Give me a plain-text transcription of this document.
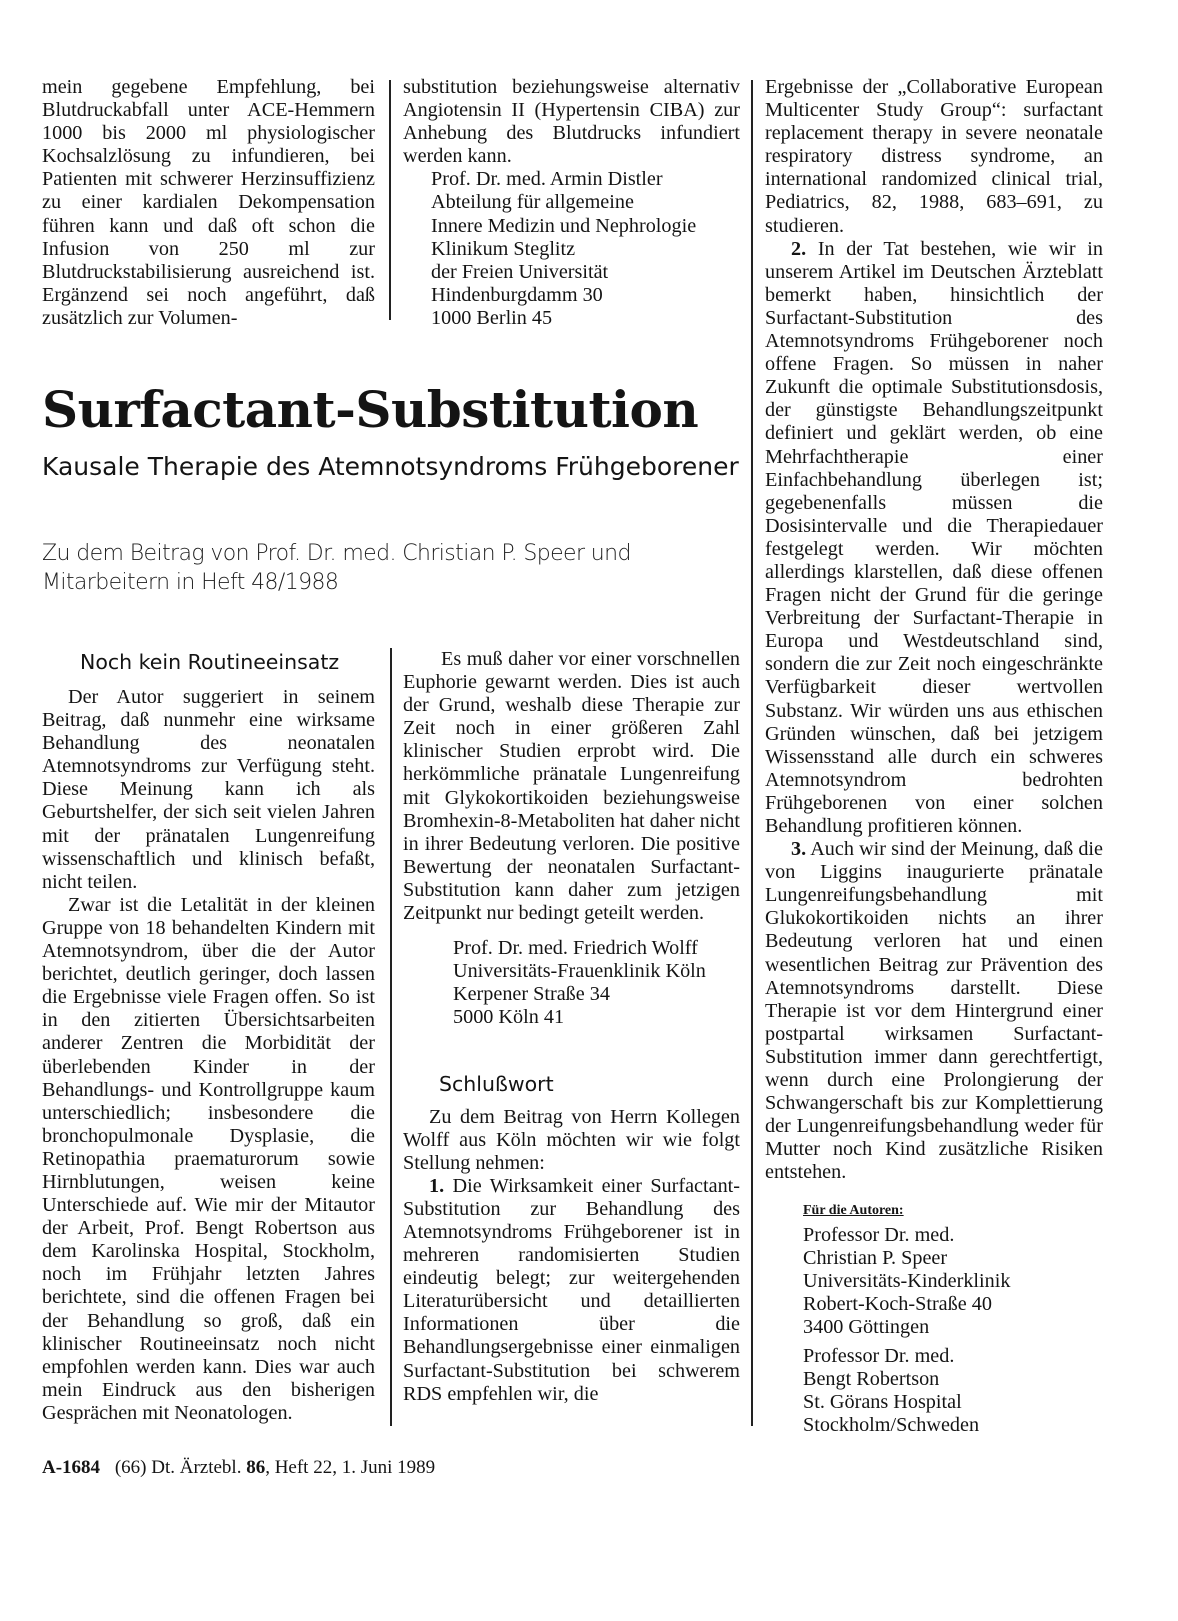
mein gegebene Empfehlung, bei Blutdruckabfall unter ACE-Hemmern 1000 bis 2000 ml physiologischer Kochsalzlösung zu infundieren, bei Patienten mit schwerer Herzinsuffizienz zu einer kardialen Dekompensation führen kann und daß oft schon die Infusion von 250 ml zur Blutdruckstabilisierung ausreichend ist. Ergänzend sei noch angeführt, daß zusätzlich zur Volumen-

substitution beziehungsweise alternativ Angiotensin II (Hypertensin CIBA) zur Anhebung des Blutdrucks infundiert werden kann.

Prof. Dr. med. Armin Distler
Abteilung für allgemeine
Innere Medizin und Nephrologie
Klinikum Steglitz
der Freien Universität
Hindenburgdamm 30
1000 Berlin 45
Surfactant-Substitution
Kausale Therapie des Atemnotsyndroms Frühgeborener

Zu dem Beitrag von Prof. Dr. med. Christian P. Speer und Mitarbeitern in Heft 48/1988

Noch kein Routineeinsatz

Der Autor suggeriert in seinem Beitrag, daß nunmehr eine wirksame Behandlung des neonatalen Atemnotsyndroms zur Verfügung steht. Diese Meinung kann ich als Geburtshelfer, der sich seit vielen Jahren mit der pränatalen Lungenreifung wissenschaftlich und klinisch befaßt, nicht teilen.

Zwar ist die Letalität in der kleinen Gruppe von 18 behandelten Kindern mit Atemnotsyndrom, über die der Autor berichtet, deutlich geringer, doch lassen die Ergebnisse viele Fragen offen. So ist in den zitierten Übersichtsarbeiten anderer Zentren die Morbidität der überlebenden Kinder in der Behandlungs- und Kontrollgruppe kaum unterschiedlich; insbesondere die bronchopulmonale Dysplasie, die Retinopathia praematurorum sowie Hirnblutungen, weisen keine Unterschiede auf. Wie mir der Mitautor der Arbeit, Prof. Bengt Robertson aus dem Karolinska Hospital, Stockholm, noch im Frühjahr letzten Jahres berichtete, sind die offenen Fragen bei der Behandlung so groß, daß ein klinischer Routineeinsatz noch nicht empfohlen werden kann. Dies war auch mein Eindruck aus den bisherigen Gesprächen mit Neonatologen.

Es muß daher vor einer vorschnellen Euphorie gewarnt werden. Dies ist auch der Grund, weshalb diese Therapie zur Zeit noch in einer größeren Zahl klinischer Studien erprobt wird. Die herkömmliche pränatale Lungenreifung mit Glykokortikoiden beziehungsweise Bromhexin-8-Metaboliten hat daher nicht in ihrer Bedeutung verloren. Die positive Bewertung der neonatalen Surfactant-Substitution kann daher zum jetzigen Zeitpunkt nur bedingt geteilt werden.

Prof. Dr. med. Friedrich Wolff
Universitäts-Frauenklinik Köln
Kerpener Straße 34
5000 Köln 41
Schlußwort

Zu dem Beitrag von Herrn Kollegen Wolff aus Köln möchten wir wie folgt Stellung nehmen:

1. Die Wirksamkeit einer Surfactant-Substitution zur Behandlung des Atemnotsyndroms Frühgeborener ist in mehreren randomisierten Studien eindeutig belegt; zur weitergehenden Literaturübersicht und detaillierten Informationen über die Behandlungsergebnisse einer einmaligen Surfactant-Substitution bei schwerem RDS empfehlen wir, die

Ergebnisse der „Collaborative European Multicenter Study Group“: surfactant replacement therapy in severe neonatale respiratory distress syndrome, an international randomized clinical trial, Pediatrics, 82, 1988, 683–691, zu studieren.

2. In der Tat bestehen, wie wir in unserem Artikel im Deutschen Ärzteblatt bemerkt haben, hinsichtlich der Surfactant-Substitution des Atemnotsyndroms Frühgeborener noch offene Fragen. So müssen in naher Zukunft die optimale Substitutionsdosis, der günstigste Behandlungszeitpunkt definiert und geklärt werden, ob eine Mehrfachtherapie einer Einfachbehandlung überlegen ist; gegebenenfalls müssen die Dosisintervalle und die Therapiedauer festgelegt werden. Wir möchten allerdings klarstellen, daß diese offenen Fragen nicht der Grund für die geringe Verbreitung der Surfactant-Therapie in Europa und Westdeutschland sind, sondern die zur Zeit noch eingeschränkte Verfügbarkeit dieser wertvollen Substanz. Wir würden uns aus ethischen Gründen wünschen, daß bei jetzigem Wissensstand alle durch ein schweres Atemnotsyndrom bedrohten Frühgeborenen von einer solchen Behandlung profitieren können.

3. Auch wir sind der Meinung, daß die von Liggins inaugurierte pränatale Lungenreifungsbehandlung mit Glukokortikoiden nichts an ihrer Bedeutung verloren hat und einen wesentlichen Beitrag zur Prävention des Atemnotsyndroms darstellt. Diese Therapie ist vor dem Hintergrund einer postpartal wirksamen Surfactant-Substitution immer dann gerechtfertigt, wenn durch eine Prolongierung der Schwangerschaft bis zur Komplettierung der Lungenreifungsbehandlung weder für Mutter noch Kind zusätzliche Risiken entstehen.

Für die Autoren:
Professor Dr. med.
Christian P. Speer
Universitäts-Kinderklinik
Robert-Koch-Straße 40
3400 Göttingen
Professor Dr. med.
Bengt Robertson
St. Görans Hospital
Stockholm/Schweden
A-1684 (66) Dt. Ärztebl. 86, Heft 22, 1. Juni 1989
